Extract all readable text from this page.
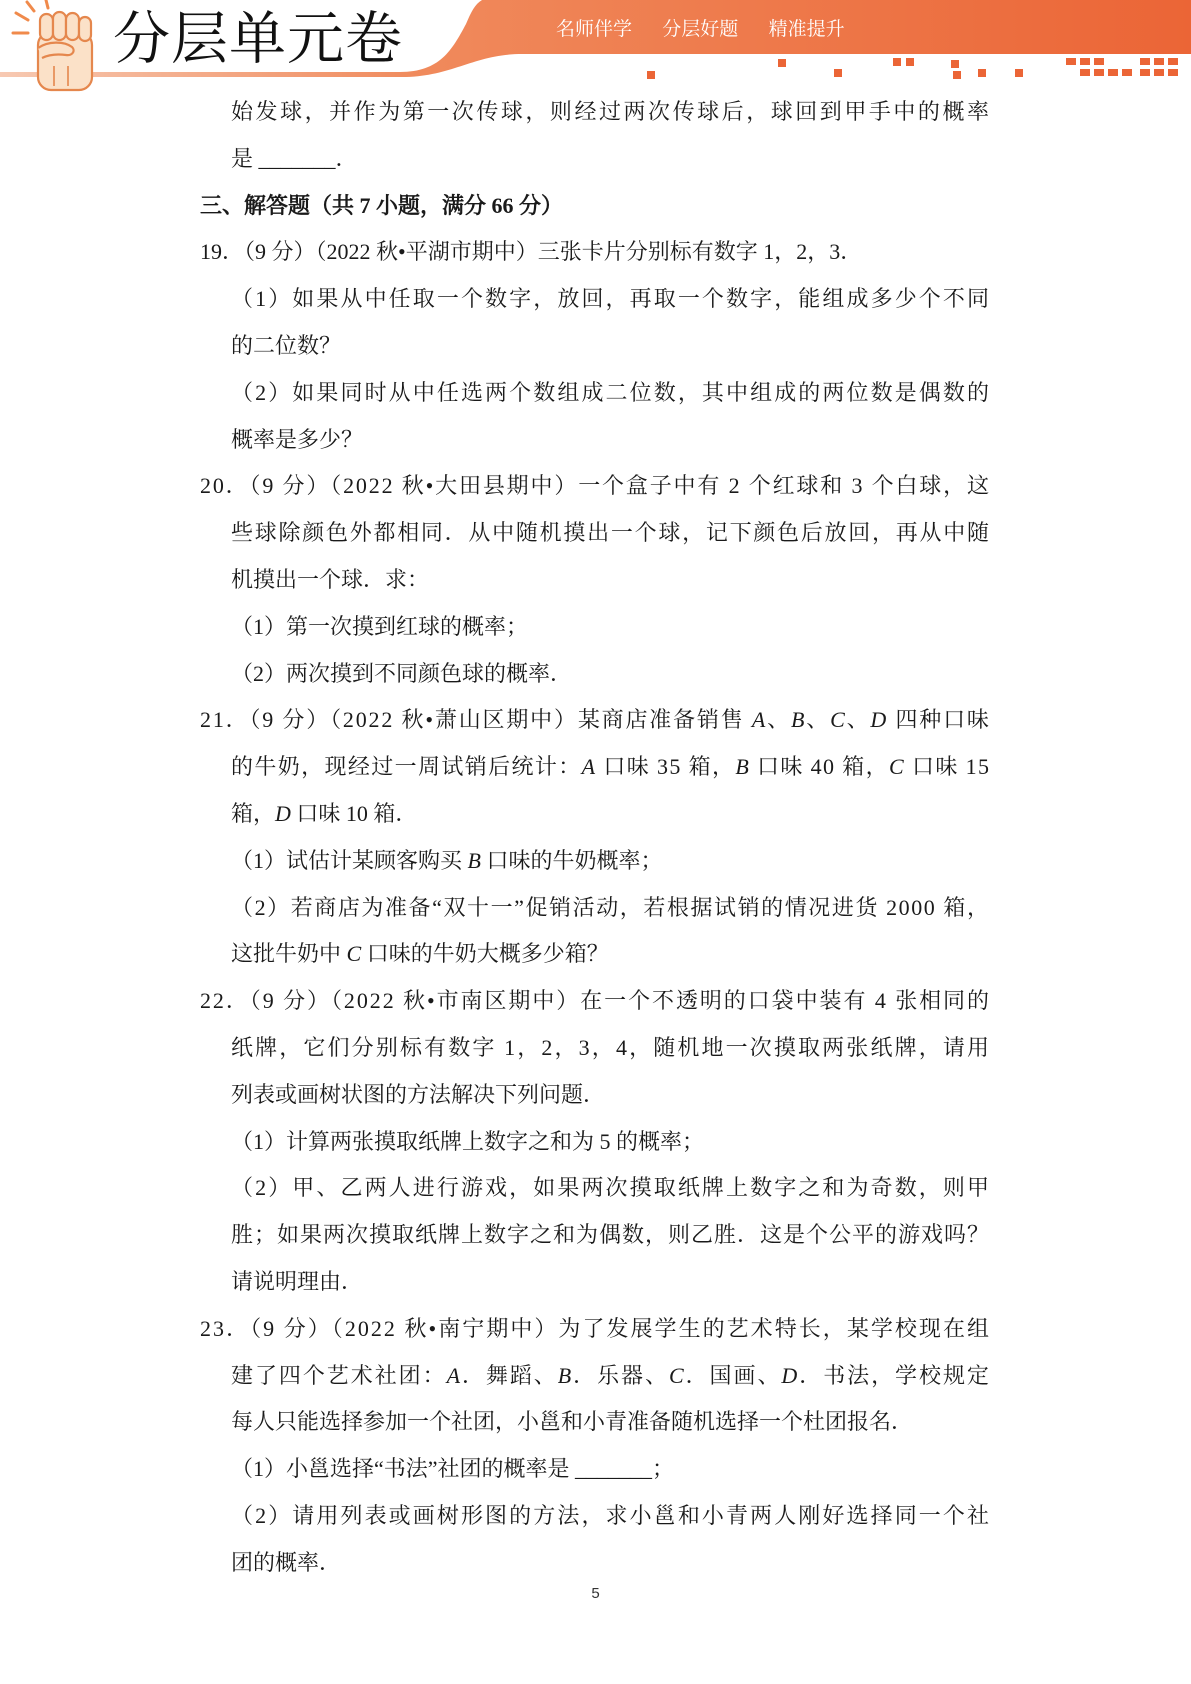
分层单元卷	名师伴学 分层好题 精准提升
始发球，并作为第一次传球，则经过两次传球后，球回到甲手中的概率
是 _______．
三、解答题（共 7 小题，满分 66 分）
19．（9 分）（2022 秋•平湖市期中）三张卡片分别标有数字 1，2，3．
（1）如果从中任取一个数字，放回，再取一个数字，能组成多少个不同
的二位数？
（2）如果同时从中任选两个数组成二位数，其中组成的两位数是偶数的
概率是多少？
20．（9 分）（2022 秋•大田县期中）一个盒子中有 2 个红球和 3 个白球，这
些球除颜色外都相同．从中随机摸出一个球，记下颜色后放回，再从中随
机摸出一个球．求：
（1）第一次摸到红球的概率；
（2）两次摸到不同颜色球的概率．
21．（9 分）（2022 秋•萧山区期中）某商店准备销售 A、B、C、D 四种口味
的牛奶，现经过一周试销后统计：A 口味 35 箱，B 口味 40 箱，C 口味 15
箱，D 口味 10 箱．
（1）试估计某顾客购买 B 口味的牛奶概率；
（2）若商店为准备“双十一”促销活动，若根据试销的情况进货 2000 箱，
这批牛奶中 C 口味的牛奶大概多少箱？
22．（9 分）（2022 秋•市南区期中）在一个不透明的口袋中装有 4 张相同的
纸牌，它们分别标有数字 1，2，3，4，随机地一次摸取两张纸牌，请用
列表或画树状图的方法解决下列问题．
（1）计算两张摸取纸牌上数字之和为 5 的概率；
（2）甲、乙两人进行游戏，如果两次摸取纸牌上数字之和为奇数，则甲
胜；如果两次摸取纸牌上数字之和为偶数，则乙胜．这是个公平的游戏吗？
请说明理由．
23．（9 分）（2022 秋•南宁期中）为了发展学生的艺术特长，某学校现在组
建了四个艺术社团：A．舞蹈、B．乐器、C．国画、D．书法，学校规定
每人只能选择参加一个社团，小邕和小青准备随机选择一个杜团报名．
（1）小邕选择“书法”社团的概率是 _______；
（2）请用列表或画树形图的方法，求小邕和小青两人刚好选择同一个社
团的概率．
5
